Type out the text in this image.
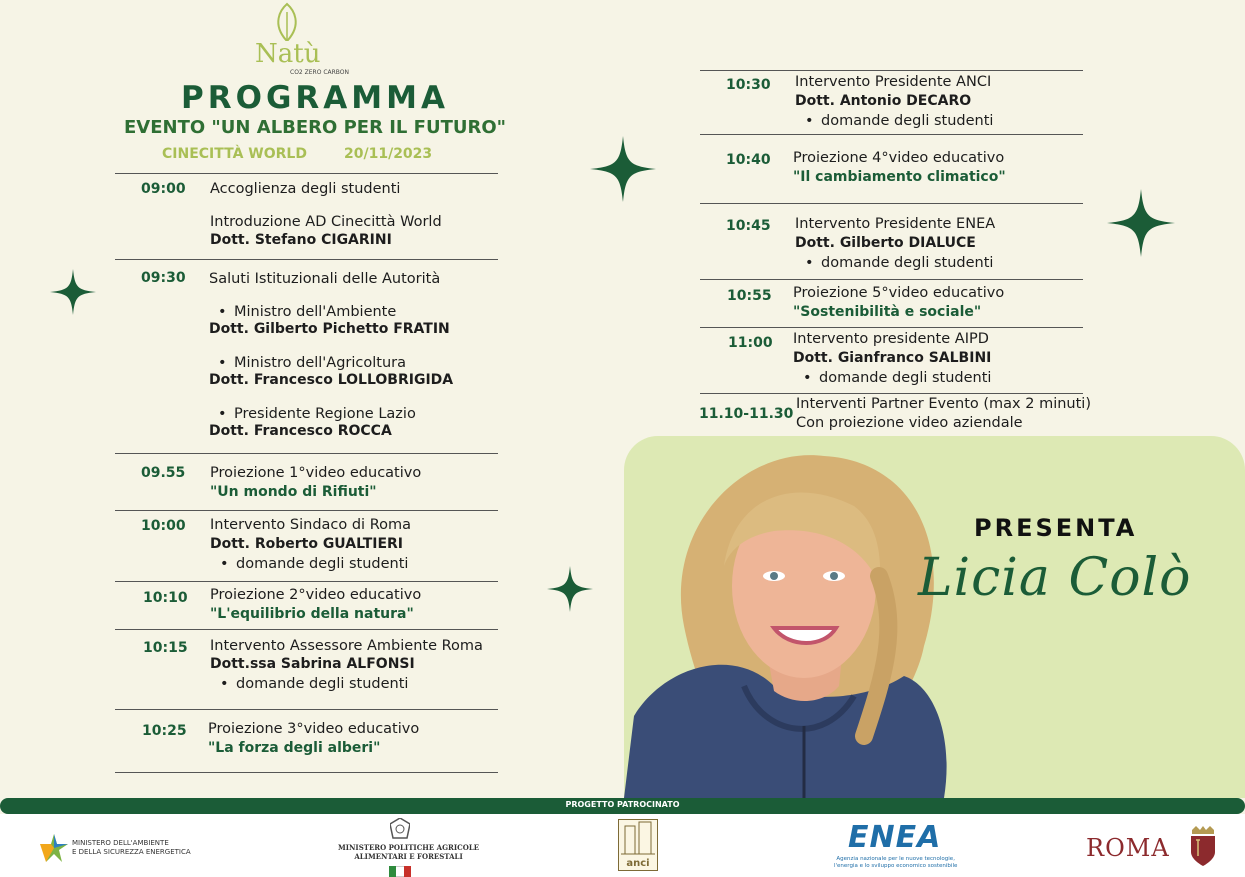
Natù
CO2 ZERO CARBON
PROGRAMMA
EVENTO "UN ALBERO PER IL FUTURO"
CINECITTÀ WORLD	20/11/2023
09:00 Accoglienza degli studenti
Introduzione AD Cinecittà World
Dott. Stefano CIGARINI
09:30 Saluti Istituzionali delle Autorità
• Ministro dell'Ambiente
Dott. Gilberto Pichetto FRATIN
• Ministro dell'Agricoltura
Dott. Francesco LOLLOBRIGIDA
• Presidente Regione Lazio
Dott. Francesco ROCCA
09.55 Proiezione 1°video educativo
"Un mondo di Rifiuti"
10:00 Intervento Sindaco di Roma
Dott. Roberto GUALTIERI
• domande degli studenti
10:10 Proiezione 2°video educativo
"L'equilibrio della natura"
10:15 Intervento Assessore Ambiente Roma
Dott.ssa Sabrina ALFONSI
• domande degli studenti
10:25 Proiezione 3°video educativo
"La forza degli alberi"
10:30 Intervento Presidente ANCI
Dott. Antonio DECARO
• domande degli studenti
10:40 Proiezione 4°video educativo
"Il cambiamento climatico"
10:45 Intervento Presidente ENEA
Dott. Gilberto DIALUCE
• domande degli studenti
10:55 Proiezione 5°video educativo
"Sostenibilità e sociale"
11:00 Intervento presidente AIPD
Dott. Gianfranco SALBINI
• domande degli studenti
11.10-11.30
Interventi Partner Evento (max 2 minuti)
Con proiezione video aziendale
PRESENTA
Licia Colò
PROGETTO PATROCINATO
MINISTERO DELL'AMBIENTE
E DELLA SICUREZZA ENERGETICA	MINISTERO POLITICHE AGRICOLE
ALIMENTARI E FORESTALI
anci
ENEA
Agenzia nazionale per le nuove tecnologie,
l'energia e lo sviluppo economico sostenibile
ROMA
